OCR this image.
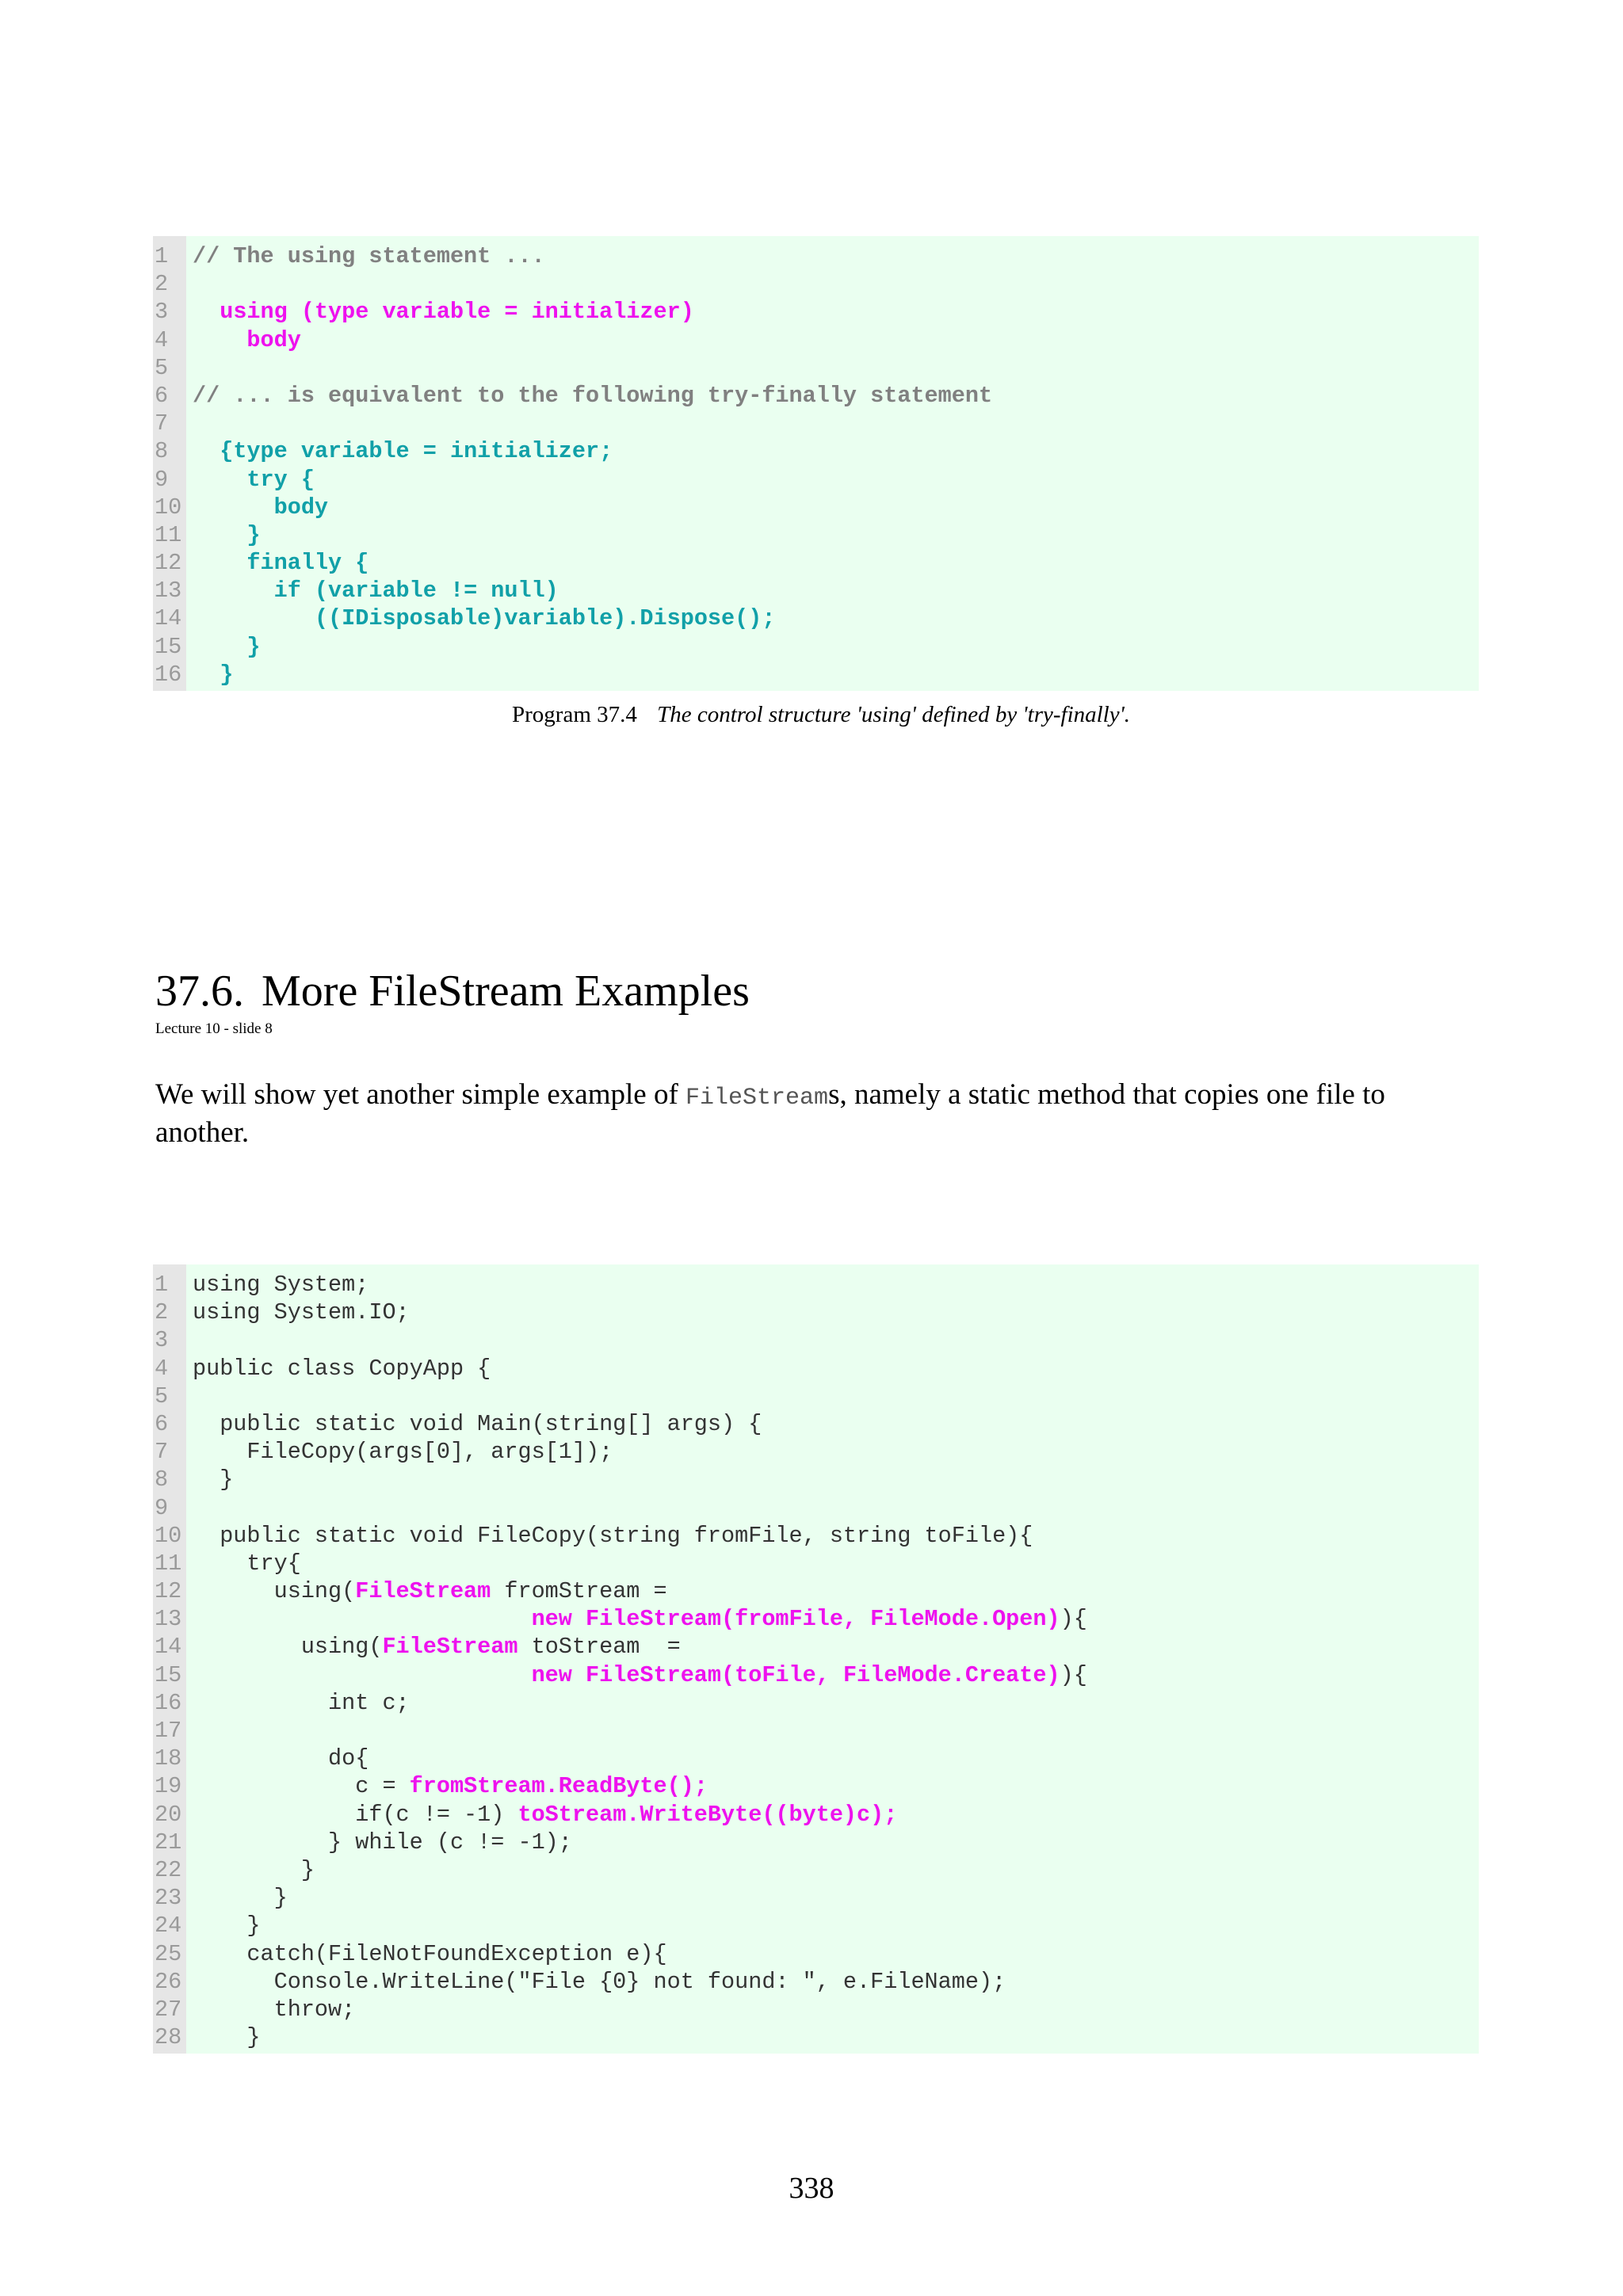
1	// The using statement ...
2
3	using (type variable = initializer)
4	body
5
6	// ... is equivalent to the following try-finally statement
7
8	{type variable = initializer;
9	try {
10	body
11	}
12	finally {
13	if (variable != null)
14	((IDisposable)variable).Dispose();
15	}
16	}
Program 37.4 The control structure 'using' defined by 'try-finally'.
37.6. More FileStream Examples
Lecture 10 - slide 8

We will show yet another simple example of FileStreams, namely a static method that copies one file to another.

1	using System;
2	using System.IO;
3
4	public class CopyApp {
5
6	public static void Main(string[] args) {
7	FileCopy(args[0], args[1]);
8	}
9
10 public static void FileCopy(string fromFile, string toFile){
11 try{
12 using(FileStream fromStream =
13	new FileStream(fromFile, FileMode.Open)){
14 using(FileStream toStream  =
15	new FileStream(toFile, FileMode.Create)){
16 int c;
17
18 do{
19 c = fromStream.ReadByte();
20 if(c != -1) toStream.WriteByte((byte)c);
21 } while (c != -1);
22 }
23 }
24 }
25 catch(FileNotFoundException e){
26 Console.WriteLine("File {0} not found: ", e.FileName);
27 throw;
28 }
338
